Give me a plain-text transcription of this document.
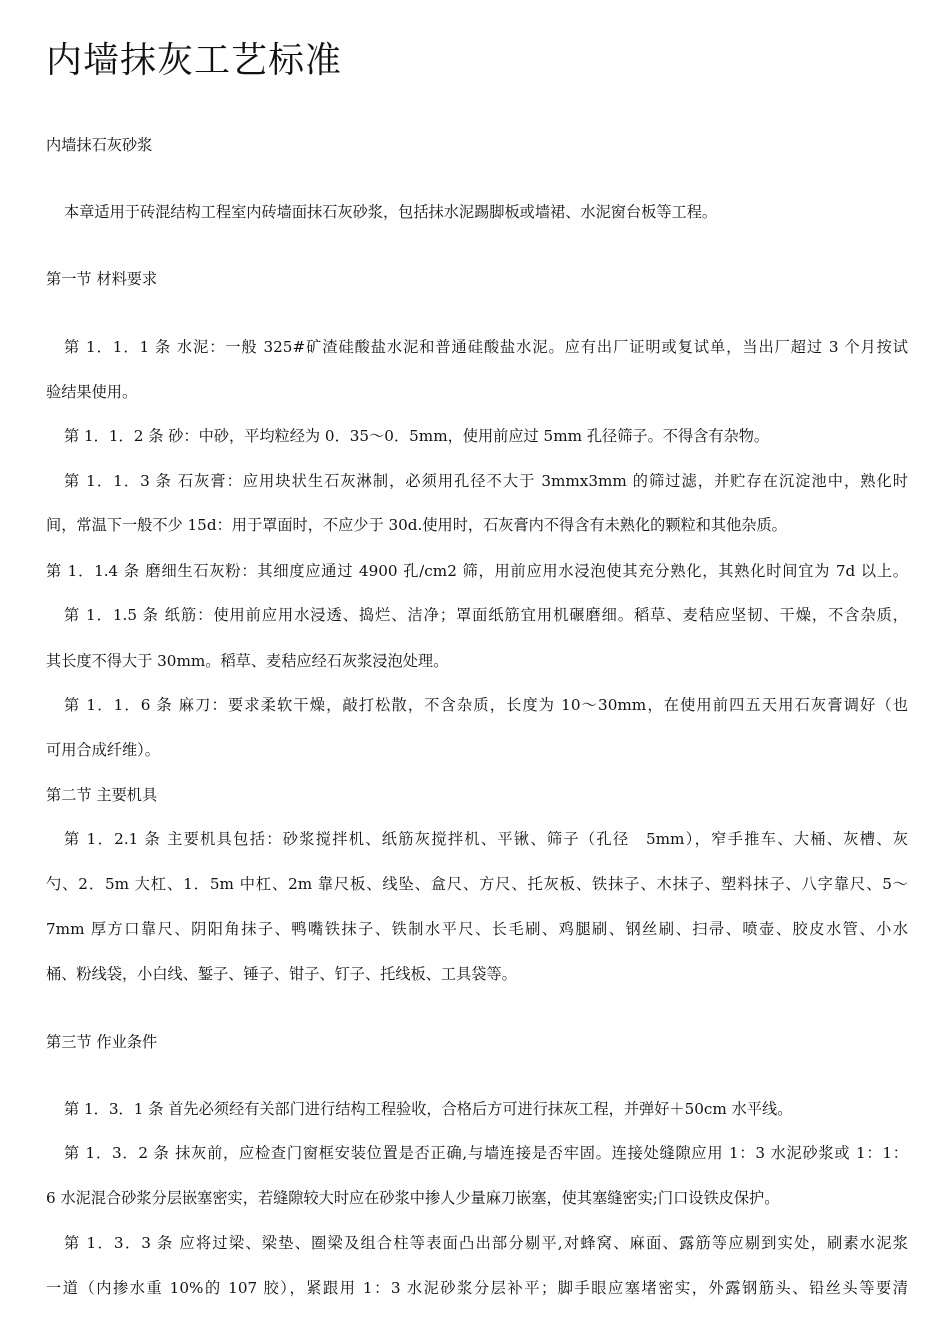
内墙抹灰工艺标准
内墙抹石灰砂浆
本章适用于砖混结构工程室内砖墙面抹石灰砂浆，包括抹水泥踢脚板或墙裙、水泥窗台板等工程。
第一节 材料要求
第 1．1．1 条 水泥：一般 325#矿渣硅酸盐水泥和普通硅酸盐水泥。应有出厂证明或复试单，当出厂超过 3 个月按试
验结果使用。
第 1．1．2 条 砂：中砂，平均粒经为 0．35～0．5mm，使用前应过 5mm 孔径筛子。不得含有杂物。
第 1．1．3 条 石灰膏：应用块状生石灰淋制，必须用孔径不大于 3mmx3mm 的筛过滤，并贮存在沉淀池中，熟化时
间，常温下一般不少 15d：用于罩面时，不应少于 30d.使用时，石灰膏内不得含有未熟化的颗粒和其他杂质。
第 1．1.4 条 磨细生石灰粉：其细度应通过 4900 孔/cm2 筛，用前应用水浸泡使其充分熟化，其熟化时间宜为 7d 以上。
第 1．1.5 条 纸筋：使用前应用水浸透、捣烂、洁净；罩面纸筋宜用机碾磨细。稻草、麦秸应坚韧、干燥，不含杂质，
其长度不得大于 30mm。稻草、麦秸应经石灰浆浸泡处理。
第 1．1．6 条 麻刀：要求柔软干燥，敲打松散，不含杂质，长度为 10～30mm，在使用前四五天用石灰膏调好（也
可用合成纤维）。
第二节 主要机具
第 1．2.1 条 主要机具包括：砂浆搅拌机、纸筋灰搅拌机、平锹、筛子（孔径　5mm），窄手推车、大桶、灰槽、灰
勺、2．5m 大杠、1．5m 中杠、2m 靠尺板、线坠、盒尺、方尺、托灰板、铁抹子、木抹子、塑料抹子、八字靠尺、5～
7mm 厚方口靠尺、阴阳角抹子、鸭嘴铁抹子、铁制水平尺、长毛刷、鸡腿刷、钢丝刷、扫帚、喷壶、胶皮水管、小水
桶、粉线袋，小白线、錾子、锤子、钳子、钉子、托线板、工具袋等。
第三节 作业条件
第 1．3．1 条 首先必须经有关部门进行结构工程验收，合格后方可进行抹灰工程，并弹好＋50cm 水平线。
第 1．3．2 条 抹灰前，应检查门窗框安装位置是否正确,与墙连接是否牢固。连接处缝隙应用 1：3 水泥砂浆或 1：1：
6 水泥混合砂浆分层嵌塞密实，若缝隙较大时应在砂浆中掺人少量麻刀嵌塞，使其塞缝密实;门口设铁皮保护。
第 1．3．3 条 应将过梁、梁垫、圈梁及组合柱等表面凸出部分剔平,对蜂窝、麻面、露筋等应剔到实处，刷素水泥浆
一道（内掺水重 10%的 107 胶），紧跟用 1：3 水泥砂浆分层补平；脚手眼应塞堵密实，外露钢筋头、铅丝头等要清
